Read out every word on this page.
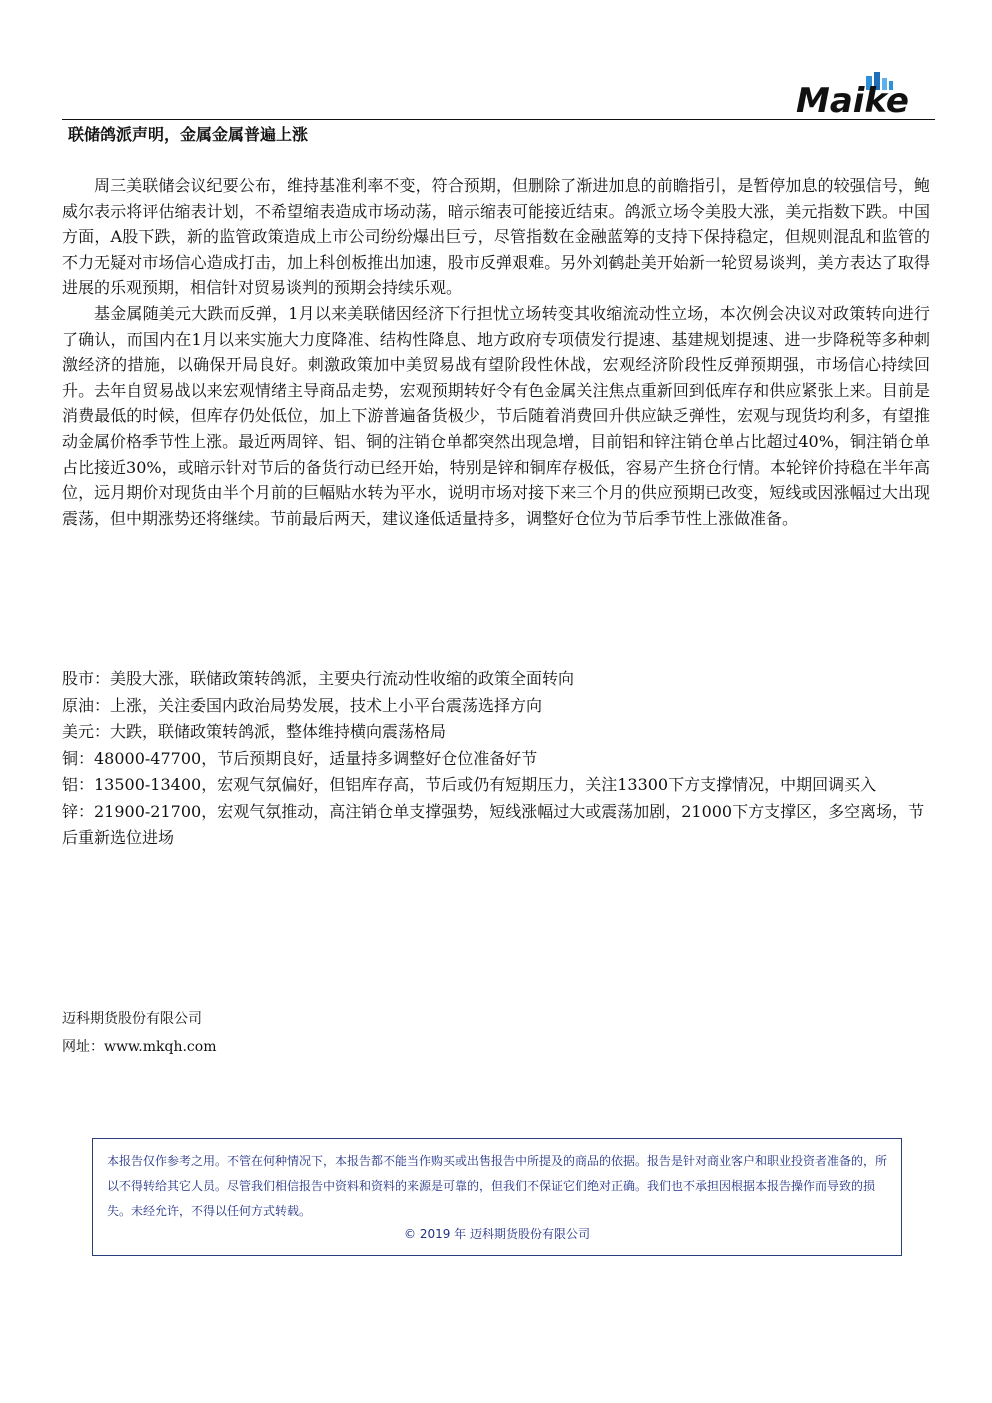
Maike
联储鸽派声明，金属金属普遍上涨

周三美联储会议纪要公布，维持基准利率不变，符合预期，但删除了渐进加息的前瞻指引，是暂停加息的较强信号，鲍威尔表示将评估缩表计划，不希望缩表造成市场动荡，暗示缩表可能接近结束。鸽派立场令美股大涨，美元指数下跌。中国方面，A股下跌，新的监管政策造成上市公司纷纷爆出巨亏，尽管指数在金融蓝筹的支持下保持稳定，但规则混乱和监管的不力无疑对市场信心造成打击，加上科创板推出加速，股市反弹艰难。另外刘鹤赴美开始新一轮贸易谈判，美方表达了取得进展的乐观预期，相信针对贸易谈判的预期会持续乐观。

基金属随美元大跌而反弹，1月以来美联储因经济下行担忧立场转变其收缩流动性立场，本次例会决议对政策转向进行了确认，而国内在1月以来实施大力度降准、结构性降息、地方政府专项债发行提速、基建规划提速、进一步降税等多种刺激经济的措施，以确保开局良好。刺激政策加中美贸易战有望阶段性休战，宏观经济阶段性反弹预期强，市场信心持续回升。去年自贸易战以来宏观情绪主导商品走势，宏观预期转好令有色金属关注焦点重新回到低库存和供应紧张上来。目前是消费最低的时候，但库存仍处低位，加上下游普遍备货极少，节后随着消费回升供应缺乏弹性，宏观与现货均利多，有望推动金属价格季节性上涨。最近两周锌、铝、铜的注销仓单都突然出现急增，目前铝和锌注销仓单占比超过40%，铜注销仓单占比接近30%，或暗示针对节后的备货行动已经开始，特别是锌和铜库存极低，容易产生挤仓行情。本轮锌价持稳在半年高位，远月期价对现货由半个月前的巨幅贴水转为平水，说明市场对接下来三个月的供应预期已改变，短线或因涨幅过大出现震荡，但中期涨势还将继续。节前最后两天，建议逢低适量持多，调整好仓位为节后季节性上涨做准备。

股市：美股大涨，联储政策转鸽派，主要央行流动性收缩的政策全面转向
原油：上涨，关注委国内政治局势发展，技术上小平台震荡选择方向
美元：大跌，联储政策转鸽派，整体维持横向震荡格局
铜：48000-47700，节后预期良好，适量持多调整好仓位准备好节
铝：13500-13400，宏观气氛偏好，但铝库存高，节后或仍有短期压力，关注13300下方支撑情况，中期回调买入
锌：21900-21700，宏观气氛推动，高注销仓单支撑强势，短线涨幅过大或震荡加剧，21000下方支撑区，多空离场，节后重新选位进场
迈科期货股份有限公司
网址：www.mkqh.com

本报告仅作参考之用。不管在何种情况下，本报告都不能当作购买或出售报告中所提及的商品的依据。报告是针对商业客户和职业投资者准备的，所以不得转给其它人员。尽管我们相信报告中资料和资料的来源是可靠的，但我们不保证它们绝对正确。我们也不承担因根据本报告操作而导致的损失。未经允许，不得以任何方式转载。

© 2019 年 迈科期货股份有限公司
